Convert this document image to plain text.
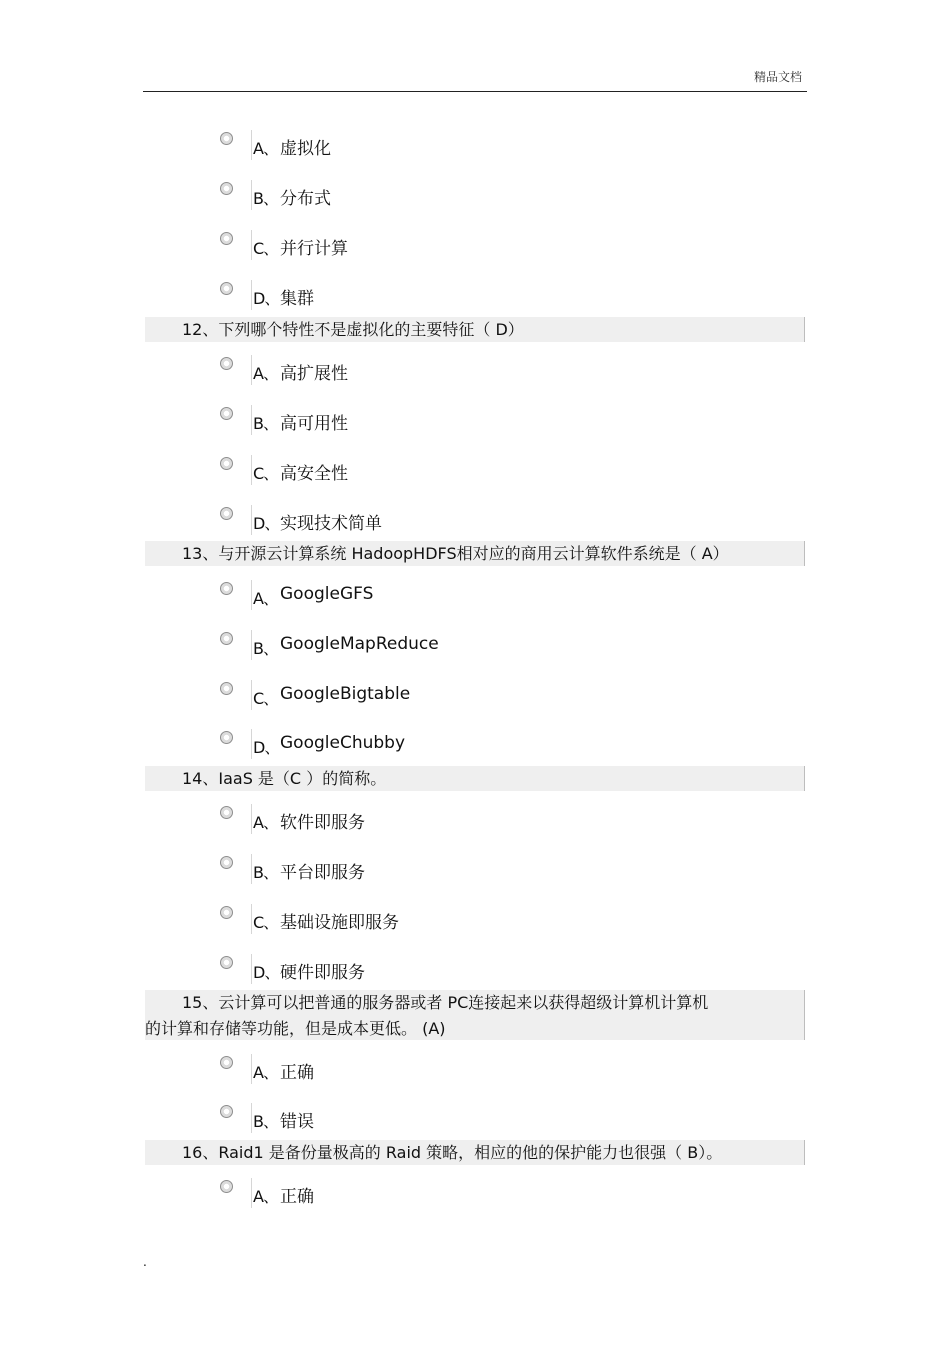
精品文档
A、 虚拟化
B、 分布式
C、 并行计算
D、 集群
12、下列哪个特性不是虚拟化的主要特征（ D）
A、 高扩展性
B、 高可用性
C、 高安全性
D、 实现技术简单
13、与开源云计算系统 HadoopHDFS相对应的商用云计算软件系统是（ A）
A、 GoogleGFS
B、 GoogleMapReduce
C、 GoogleBigtable
D、 GoogleChubby
14、IaaS 是（C ）的简称。
A、 软件即服务
B、 平台即服务
C、 基础设施即服务
D、 硬件即服务
15、云计算可以把普通的服务器或者 PC连接起来以获得超级计算机计算机
的计算和存储等功能，但是成本更低。 (A)
A、 正确
B、 错误
16、Raid1 是备份量极高的 Raid 策略，相应的他的保护能力也很强（ B）。
A、 正确
.
